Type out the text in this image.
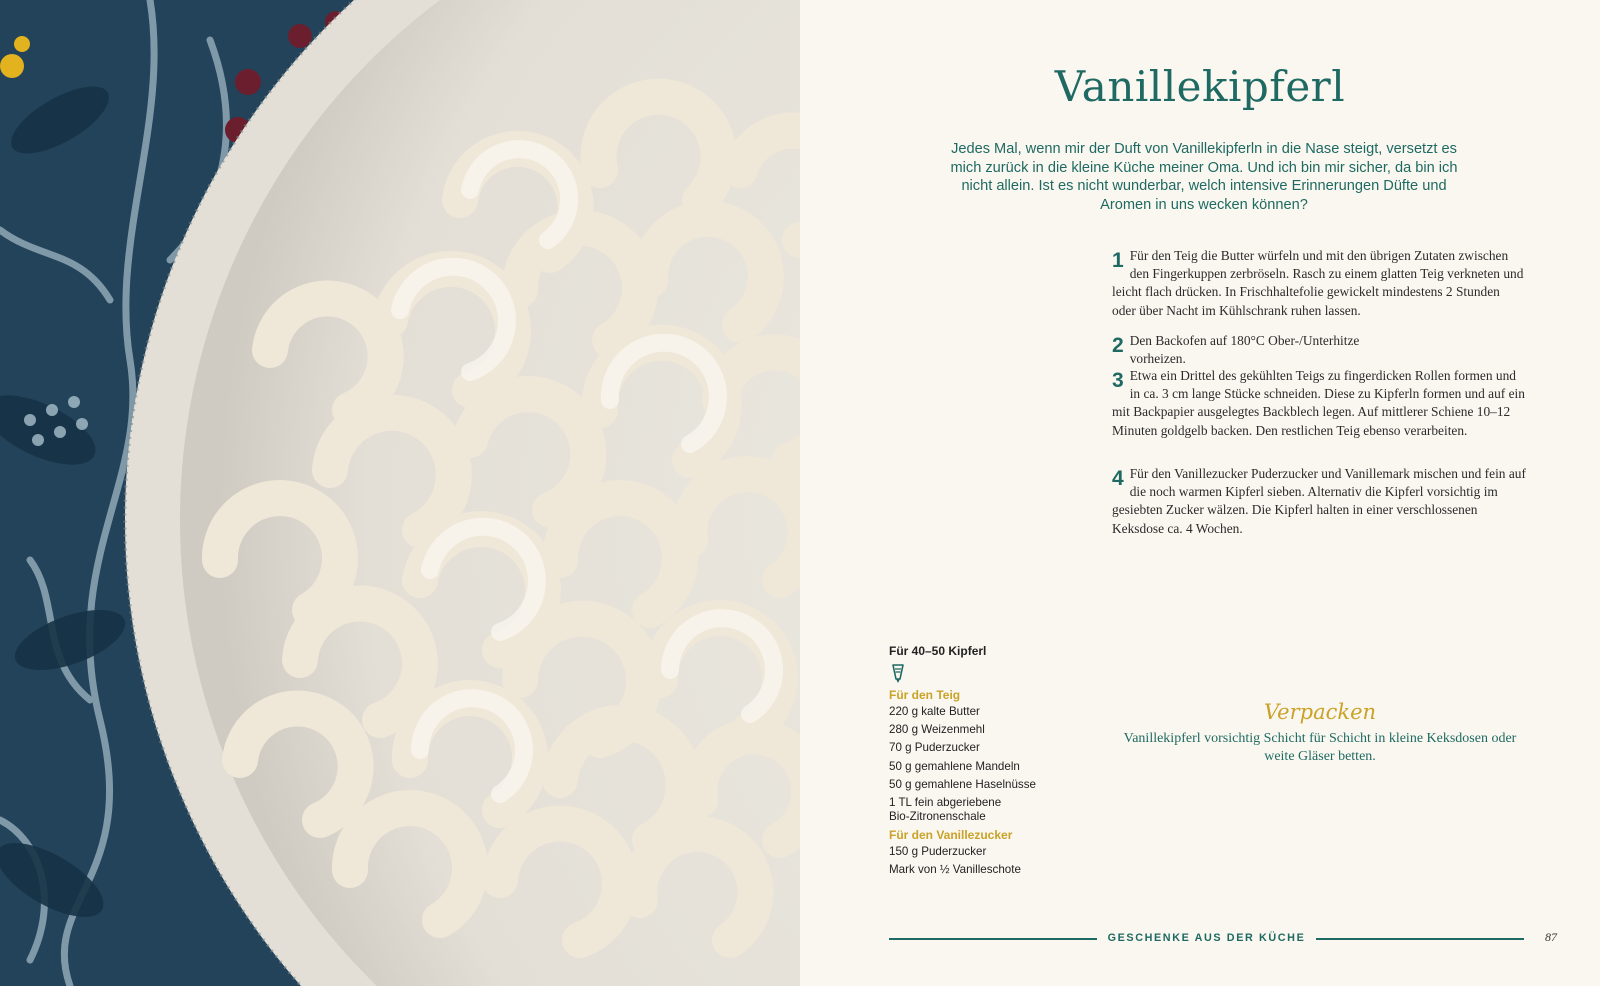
Vanillekipferl

Jedes Mal, wenn mir der Duft von Vanillekipferln in die Nase steigt, versetzt es mich zurück in die kleine Küche meiner Oma. Und ich bin mir sicher, da bin ich nicht allein. Ist es nicht wunderbar, welch intensive Erinnerungen Düfte und Aromen in uns wecken können?

1 Für den Teig die Butter würfeln und mit den übrigen Zutaten zwischen den Fingerkuppen zerbröseln. Rasch zu einem glatten Teig verkneten und leicht flach drücken. In Frischhaltefolie gewickelt mindestens 2 Stunden oder über Nacht im Kühlschrank ruhen lassen.

2 Den Backofen auf 180°C Ober-/Unterhitze vorheizen.

3 Etwa ein Drittel des gekühlten Teigs zu fingerdicken Rollen formen und in ca. 3 cm lange Stücke schneiden. Diese zu Kipferln formen und auf ein mit Backpapier ausgelegtes Backblech legen. Auf mittlerer Schiene 10–12 Minuten goldgelb backen. Den restlichen Teig ebenso verarbeiten.

4 Für den Vanillezucker Puderzucker und Vanillemark mischen und fein auf die noch warmen Kipferl sieben. Alternativ die Kipferl vorsichtig im gesiebten Zucker wälzen. Die Kipferl halten in einer verschlossenen Keksdose ca. 4 Wochen.

Für 40–50 Kipferl

Für den Teig

220 g kalte Butter
280 g Weizenmehl
70 g Puderzucker
50 g gemahlene Mandeln
50 g gemahlene Haselnüsse
1 TL fein abgeriebene Bio-Zitronenschale

Für den Vanillezucker

150 g Puderzucker
Mark von ½ Vanilleschote
Verpacken

Vanillekipferl vorsichtig Schicht für Schicht in kleine Keksdosen oder weite Gläser betten.

GESCHENKE AUS DER KÜCHE	87
